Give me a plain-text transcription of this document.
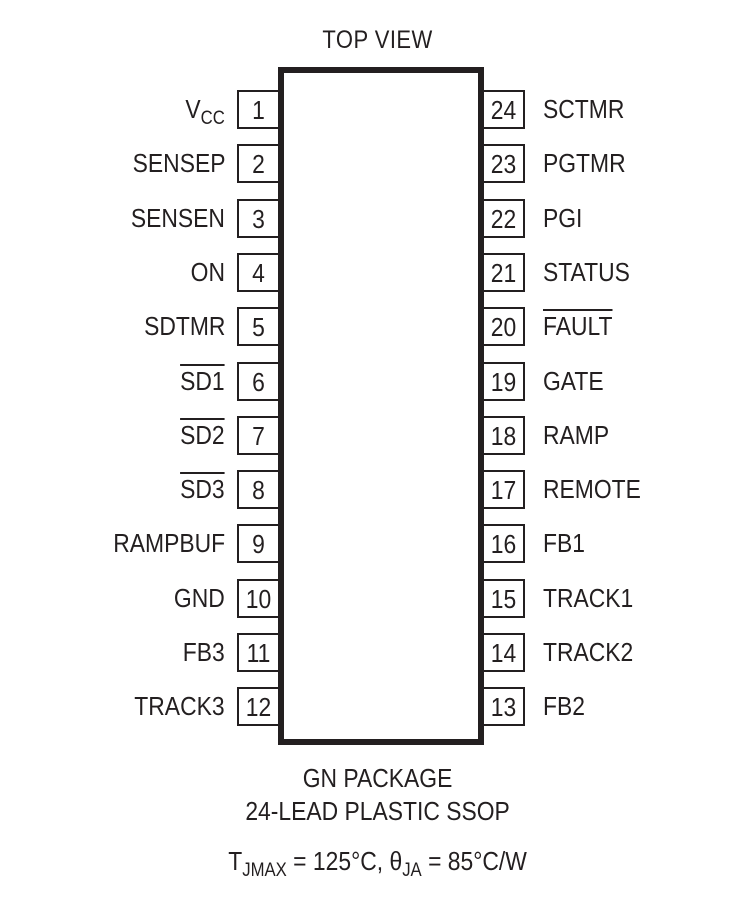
TOP VIEW
1
$V_{CC}$
2
SENSEP
3
SENSEN
4
ON
5
SDTMR
6
SD1
7
SD2
8
SD3
9
RAMPBUF
10
GND
11
FB3
12
TRACK3
24 SCTMR
23 PGTMR
22 PGI
21 STATUS
20 FAULT
19 GATE
18 RAMP
17 REMOTE
16 FB1
15 TRACK1
14 TRACK2
13 FB2
GN PACKAGE
24-LEAD PLASTIC SSOP
$T_{JMAX} = 125^\circ C$, $\theta_{JA} = 85^\circ C/W$
